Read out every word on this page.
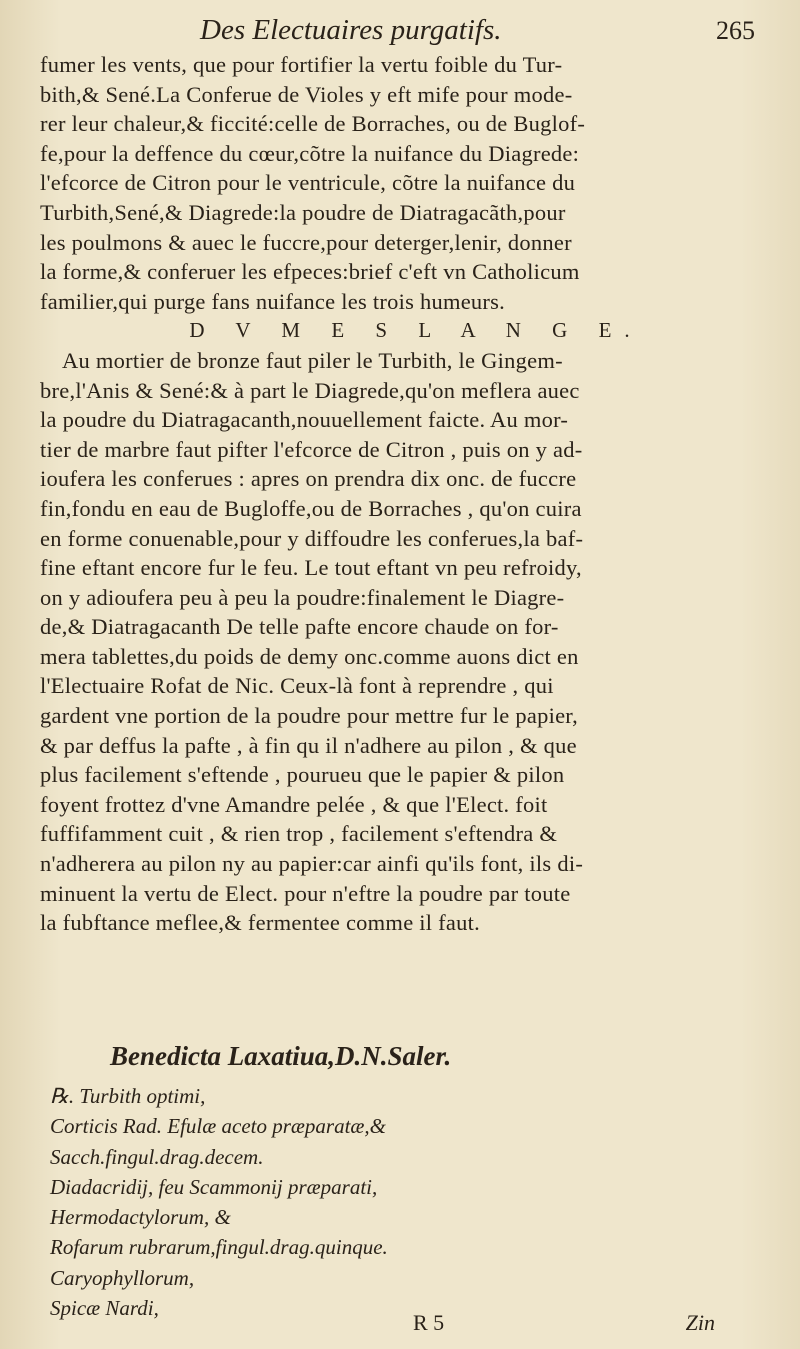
Des Electuaires purgatifs.	265
fumer les vents, que pour fortifier la vertu foible du Tur-
bith,& Sené.La Conferue de Violes y eft mife pour mode-
rer leur chaleur,& ficcité:celle de Borraches, ou de Buglof-
fe,pour la deffence du cœur,cõtre la nuifance du Diagrede:
l'efcorce de Citron pour le ventricule, cõtre la nuifance du
Turbith,Sené,& Diagrede:la poudre de Diatragacãth,pour
les poulmons & auec le fuccre,pour deterger,lenir, donner
la forme,& conferuer les efpeces:brief c'eft vn Catholicum
familier,qui purge fans nuifance les trois humeurs.
D V M E S L A N G E.
Au mortier de bronze faut piler le Turbith, le Gingem-
bre,l'Anis & Sené:& à part le Diagrede,qu'on meflera auec
la poudre du Diatragacanth,nouuellement faicte. Au mor-
tier de marbre faut pifter l'efcorce de Citron , puis on y ad-
ioufera les conferues : apres on prendra dix onc. de fuccre
fin,fondu en eau de Bugloffe,ou de Borraches , qu'on cuira
en forme conuenable,pour y diffoudre les conferues,la baf-
fine eftant encore fur le feu. Le tout eftant vn peu refroidy,
on y adioufera peu à peu la poudre:finalement le Diagre-
de,& Diatragacanth De telle pafte encore chaude on for-
mera tablettes,du poids de demy onc.comme auons dict en
l'Electuaire Rofat de Nic. Ceux-là font à reprendre , qui
gardent vne portion de la poudre pour mettre fur le papier,
& par deffus la pafte , à fin qu il n'adhere au pilon , & que
plus facilement s'eftende , pourueu que le papier & pilon
foyent frottez d'vne Amandre pelée , & que l'Elect. foit
fuffifamment cuit , & rien trop , facilement s'eftendra &
n'adherera au pilon ny au papier:car ainfi qu'ils font, ils di-
minuent la vertu de Elect. pour n'eftre la poudre par toute
la fubftance meflee,& fermentee comme il faut.
Benedicta Laxatiua,D.N.Saler.
℞. Turbith optimi,
Corticis Rad. Efulæ aceto præparatæ,&
Sacch.fingul.drag.decem.
Diadacridij, feu Scammonij præparati,
Hermodactylorum, &
Rofarum rubrarum,fingul.drag.quinque.
Caryophyllorum,
Spicæ Nardi,
R 5	Zin
